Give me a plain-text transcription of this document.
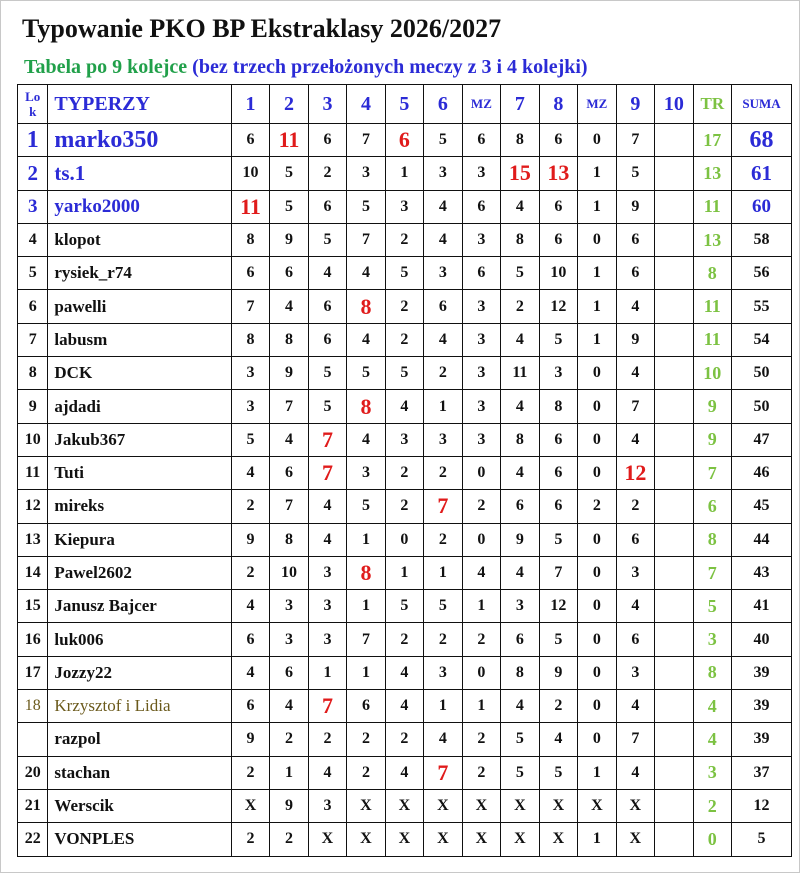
Typowanie PKO BP Ekstraklasy 2026/2027
Tabela po 9 kolejce (bez trzech przełożonych meczy z 3 i 4 kolejki)
Lo
k	TYPERZY	1	2	3	4	5	6	MZ	7	8	MZ	9	10	TR	SUMA
1	marko350	6	11	6	7	6	5	6	8	6	0	7		17	68
2	ts.1	10	5	2	3	1	3	3	15	13	1	5		13	61
3	yarko2000	11	5	6	5	3	4	6	4	6	1	9		11	60
4	klopot	8	9	5	7	2	4	3	8	6	0	6		13	58
5	rysiek_r74	6	6	4	4	5	3	6	5	10	1	6		8	56
6	pawelli	7	4	6	8	2	6	3	2	12	1	4		11	55
7	labusm	8	8	6	4	2	4	3	4	5	1	9		11	54
8	DCK	3	9	5	5	5	2	3	11	3	0	4		10	50
9	ajdadi	3	7	5	8	4	1	3	4	8	0	7		9	50
10	Jakub367	5	4	7	4	3	3	3	8	6	0	4		9	47
11	Tuti	4	6	7	3	2	2	0	4	6	0	12		7	46
12	mireks	2	7	4	5	2	7	2	6	6	2	2		6	45
13	Kiepura	9	8	4	1	0	2	0	9	5	0	6		8	44
14	Pawel2602	2	10	3	8	1	1	4	4	7	0	3		7	43
15	Janusz Bajcer	4	3	3	1	5	5	1	3	12	0	4		5	41
16	luk006	6	3	3	7	2	2	2	6	5	0	6		3	40
17	Jozzy22	4	6	1	1	4	3	0	8	9	0	3		8	39
18	Krzysztof i Lidia	6	4	7	6	4	1	1	4	2	0	4		4	39
	razpol	9	2	2	2	2	4	2	5	4	0	7		4	39
20	stachan	2	1	4	2	4	7	2	5	5	1	4		3	37
21	Werscik	X	9	3	X	X	X	X	X	X	X	X		2	12
22	VONPLES	2	2	X	X	X	X	X	X	X	1	X		0	5
